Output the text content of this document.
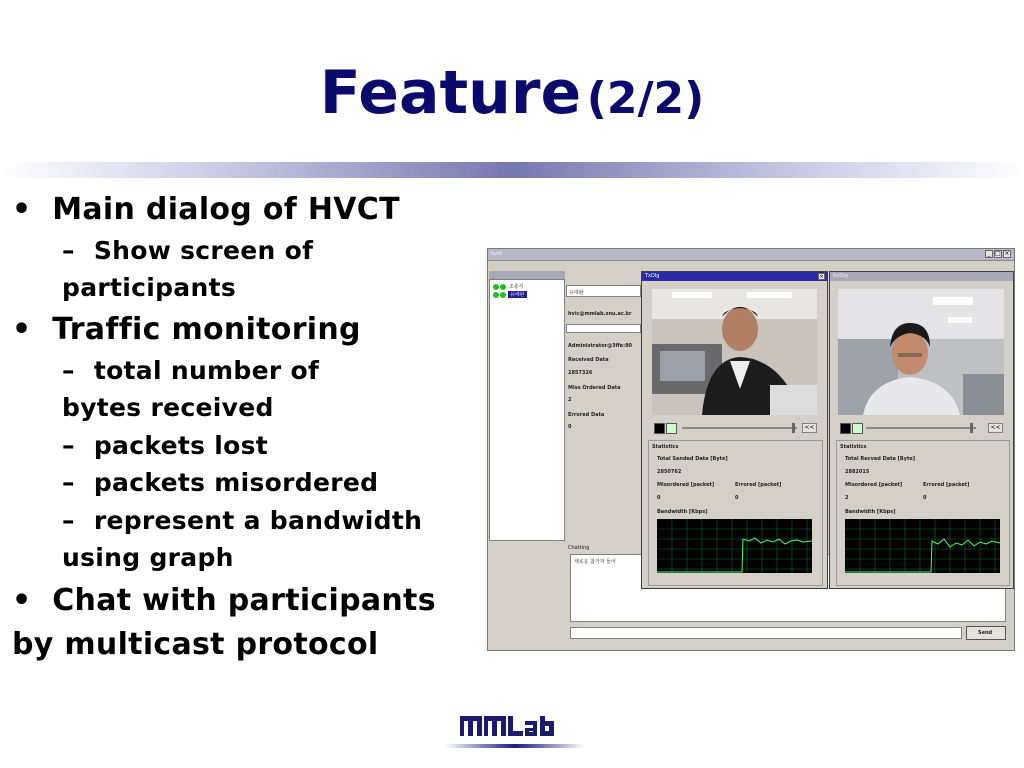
Feature (2/2)
• Main dialog of HVCT
– Show screen of
participants
• Traffic monitoring
– total number of
bytes received
– packets lost
– packets misordered
– represent a bandwidth
using graph
• Chat with participants
by multicast protocol
hvct	_ □ ×
조충식
유태완	유태완
hvic@mmlab.snu.ac.kr
Administrator@3ffe:80
Received Data
2857326
Miss Ordered Data
2
Errored Data
0
Chatting
새로운 참가자 들어
Send
TxDlg	×
<<
Statistics
Total Sended Data [Byte]
2850762
Misordered [packet]	Errored [packet]
0	0
Bandwidth [Kbps]
RxDlg
<<
Statistics
Total Recved Data [Byte]
2882015
Misordered [packet]	Errored [packet]
2	0
Bandwidth [Kbps]
